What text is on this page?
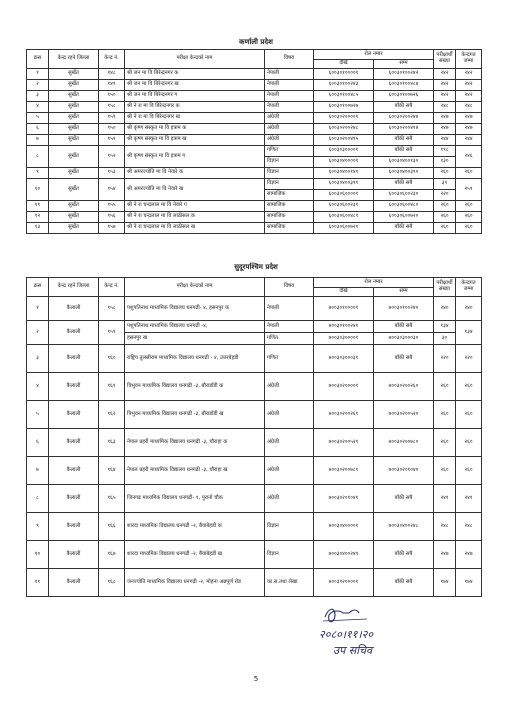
कर्णाली प्रदेश
क्रस	केन्द्र रहने जिल्ला	केन्द्र नं.	परीक्षा केन्द्रको नाम	विषय	रोल नम्बर		परीक्षार्थी संख्या	केन्द्रगत जम्मा
					देखि	सम्म		
१	सुर्खेत	१४८	श्री जन मा वि बिरेन्द्रनगर क	नेपाली	६००३०१००००१	६००३०१००२४२	२४२	२४२
२	सुर्खेत	१४९	श्री जन मा वि बिरेन्द्रनगर ख	नेपाली	६००३०१००२४३	६००३०१००४८४	२४२	२४२
३	सुर्खेत	१५०	श्री जन मा वि बिरेन्द्रनगर ग	नेपाली	६००३०१००४८५	६००३०१००७२६	२४२	२४२
४	सुर्खेत	१५८	श्री ने रा मा वि बिरेन्द्रनगर क	नेपाली	६००३०१००७२७	बाँकी सबै	२४८	२४८
५	सुर्खेत	१५९	श्री ने रा मा वि बिरेन्द्रनगर ख	अंग्रेजी	६००३०२००००१	६००३०२००२४७	२४७	२४७
६	सुर्खेत	१५०	श्री कृष्ण संस्कृत मा वि इत्राम क	अंग्रेजी	६००३०२००२४८	६००३०२००४१४	२४७	२४७
७	सुर्खेत	१५१	श्री कृष्ण संस्कृत मा वि इत्राम ख	अंग्रेजी	६००३०२००४९५	बाँकी सबै	२४४	२४४
८	सुर्खेत	१५२	श्री कृष्ण संस्कृत मा वि इत्राम ग	गणित	६००३०३००००१	बाँकी सबै	१९८	२४६
				विज्ञान	६००३०४००००१	६००३०४००१३०	१३०	
९	सुर्खेत	१५३	श्री अमरज्योति मा वि नेवारे क	विज्ञान	६००३०४००१४१	६००३०४००३९०	२६०	२६०
१०	सुर्खेत	१५४	श्री अमरज्योति मा वि नेवारे ख	विज्ञान	६००३०४००३९१	बाँकी सबै	३९	२५९
				सामाजिक	६००३०६००००१	६००३०६००२३०	२२०	
११	सुर्खेत	१५५	श्री ने रा चन्द्रलाल मा वि नेवारे ग	सामाजिक	६००३०६००२३१	६००३०६००४८०	२६०	२६०
१२	सुर्खेत	१५६	श्री ने रा चन्द्रलाल मा वि लाठीसल क	सामाजिक	६००३०६००४८१	६००३०६००७२०	२६०	२६०
१३	सुर्खेत	१५७	श्री ने रा चन्द्रलाल मा वि लाठीसल ख	सामाजिक	६००३०६००७२१	बाँकी सबै	२६०	२६०
सुदूरपश्चिम प्रदेश
क्रस	केन्द्र रहने जिल्ला	केन्द्र नं.	परीक्षा केन्द्रको नाम	विषय	रोल नम्बर		परीक्षार्थी संख्या	केन्द्रगत जम्मा
					देखि	सम्म		
१	कैलाली	१५८	पशुपतिनाथ माध्यमिक विद्यालय धनगढी- ४, हसनपुर क	नेपाली	७००३०१००००१	७००३०१००२४०	२४०	२४०
२	कैलाली	१५९	पशुपतिनाथ माध्यमिक विद्यालय धनगढी -४,	नेपाली	७००३०१००२४१	बाँकी सबै	१३४	१३४
			हसनपुर ख	गणित	७००३०३००००१	७००३०३०००३०	३०	
३	कैलाली	१६०	राष्ट्रिय तुलसीराम माध्यमिक विद्यालय धनगढी - ४, उत्तरबेहडी	गणित	७००३०३०००३१	बाँकी सबै	२२०	२२०
४	कैलाली	१६१	त्रिभुवन माध्यमिक विद्यालय धनगढी -३, बौराडाँडी क	अंग्रेजी	७००३०२००००१	७००३०२००२६०	२६०	२६०
५	कैलाली	१६२	त्रिभुवन माध्यमिक विद्यालय धनगढी -३, बौराडाँडी ख	अंग्रेजी	७००३०२००२६१	७००३०२००५२०	२६०	२६०
६	कैलाली	१६३	नेपाल प्रहरी माध्यमिक विद्यालय धनगढी -३, चौराहा क	अंग्रेजी	७००३०२००५२१	७००३०२००७८०	२६०	२६०
७	कैलाली	१६४	नेपाल प्रहरी माध्यमिक विद्यालय धनगढी -३, चौराहा ख	अंग्रेजी	७००३०२००७८१	७००३०२०१०४०	२६०	२६०
८	कैलाली	१६५	जिनगढ माध्यमिक विद्यालय धनगढी- १, पुरानो चौक	अंग्रेजी	७००३०२०१०४१	बाँकी सबै	२४१	२४१
९	कैलाली	१६६	शारदा माध्यमिक विद्यालय धनगढी -२, बैयाबेहडी क	विज्ञान	७००३०४००००१	७००३०४००२४८	२४८	२४८
१०	कैलाली	१६७	शारदा माध्यमिक विद्यालय धनगढी -२, बैयाबेहडी ख	विज्ञान	७००३०४००२४९	बाँकी सबै	२४७	२४७
११	कैलाली	१६८	जनज्योति माध्यमिक विद्यालय धनगढी -२, मोहना अन्नपूर्ण रोड	का.स.तथा लेखा	७००३९२००००१	बाँकी सबै	१७४	१७४
२०८०।११।२०
उप सचिव
5
